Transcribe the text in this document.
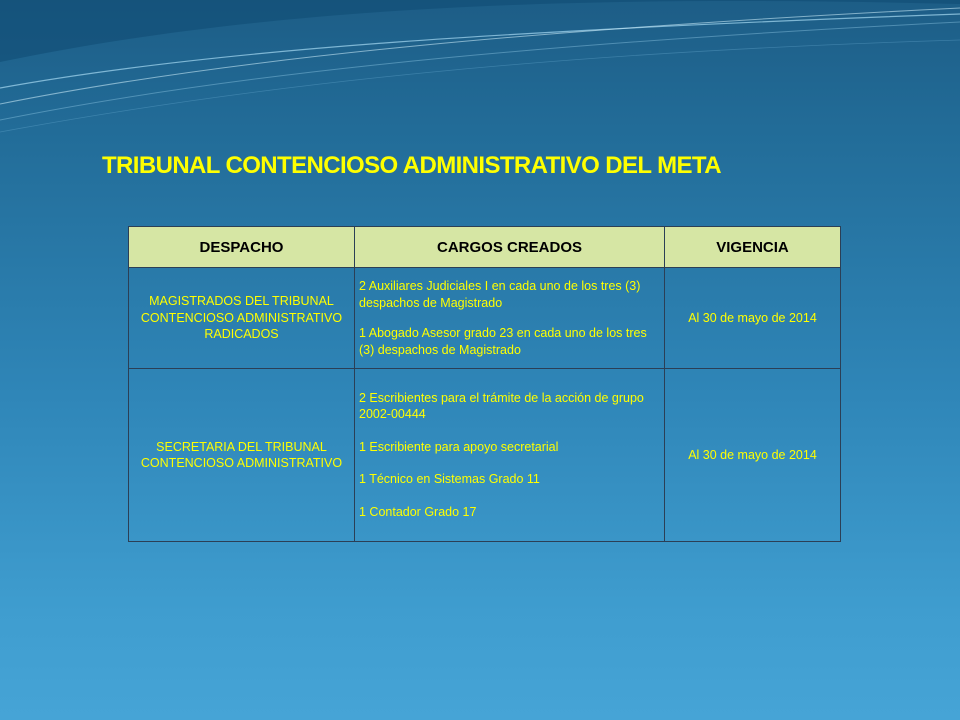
TRIBUNAL CONTENCIOSO ADMINISTRATIVO DEL META
DESPACHO	CARGOS CREADOS	VIGENCIA
MAGISTRADOS DEL TRIBUNAL CONTENCIOSO ADMINISTRATIVO RADICADOS	2 Auxiliares Judiciales I en cada uno de los tres (3) despachos de Magistrado

1 Abogado Asesor grado 23 en cada uno de los tres (3) despachos de Magistrado	Al 30 de mayo de 2014
SECRETARIA DEL TRIBUNAL CONTENCIOSO ADMINISTRATIVO	2 Escribientes para el trámite de la acción de grupo 2002-00444

1 Escribiente para apoyo secretarial

1 Técnico en Sistemas Grado 11

1 Contador Grado 17	Al 30 de mayo de 2014
